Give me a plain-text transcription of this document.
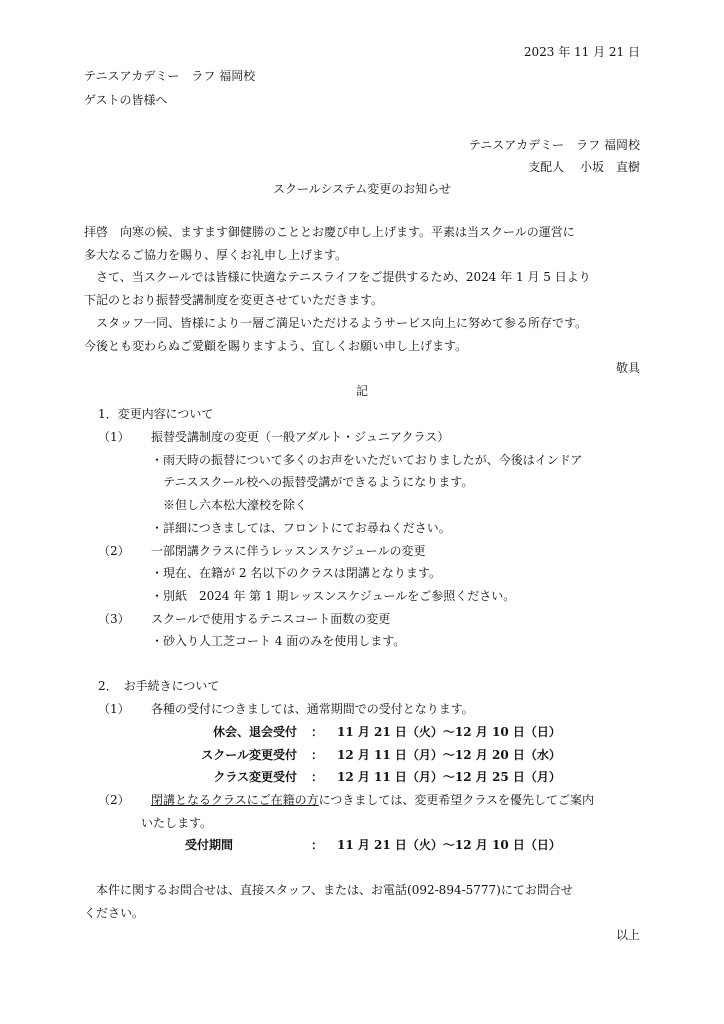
2023 年 11 月 21 日
テニスアカデミー　ラフ 福岡校
ゲストの皆様へ
テニスアカデミー　ラフ 福岡校
支配人　 小坂　直樹
スクールシステム変更のお知らせ
拝啓　向寒の候、ますます御健勝のこととお慶び申し上げます。平素は当スクールの運営に
多大なるご協力を賜り、厚くお礼申し上げます。
　さて、当スクールでは皆様に快適なテニスライフをご提供するため、2024 年 1 月 5 日より
下記のとおり振替受講制度を変更させていただきます。
　スタッフ一同、皆様により一層ご満足いただけるようサービス向上に努めて参る所存です。
今後とも変わらぬご愛顧を賜りますよう、宜しくお願い申し上げます。
敬具
記
1．変更内容について
（1） 振替受講制度の変更（一般アダルト・ジュニアクラス）
・雨天時の振替について多くのお声をいただいておりましたが、今後はインドア
　テニススクール校への振替受講ができるようになります。
　※但し六本松大濠校を除く
・詳細につきましては、フロントにてお尋ねください。
（2） 一部閉講クラスに伴うレッスンスケジュールの変更
・現在、在籍が 2 名以下のクラスは閉講となります。
・別紙　2024 年 第 1 期レッスンスケジュールをご参照ください。
（3） スクールで使用するテニスコート面数の変更
・砂入り人工芝コート 4 面のみを使用します。
2．　お手続きについて
（1） 各種の受付につきましては、通常期間での受付となります。
休会、退会受付 ： 11 月 21 日（火）〜12 月 10 日（日）
スクール変更受付 ： 12 月 11 日（月）〜12 月 20 日（水）
クラス変更受付 ： 12 月 11 日（月）〜12 月 25 日（月）
（2） 閉講となるクラスにご在籍の方につきましては、変更希望クラスを優先してご案内
いたします。
受付期間	： 11 月 21 日（火）〜12 月 10 日（日）
　本件に関するお問合せは、直接スタッフ、または、お電話(092-894-5777)にてお問合せ
ください。
以上
